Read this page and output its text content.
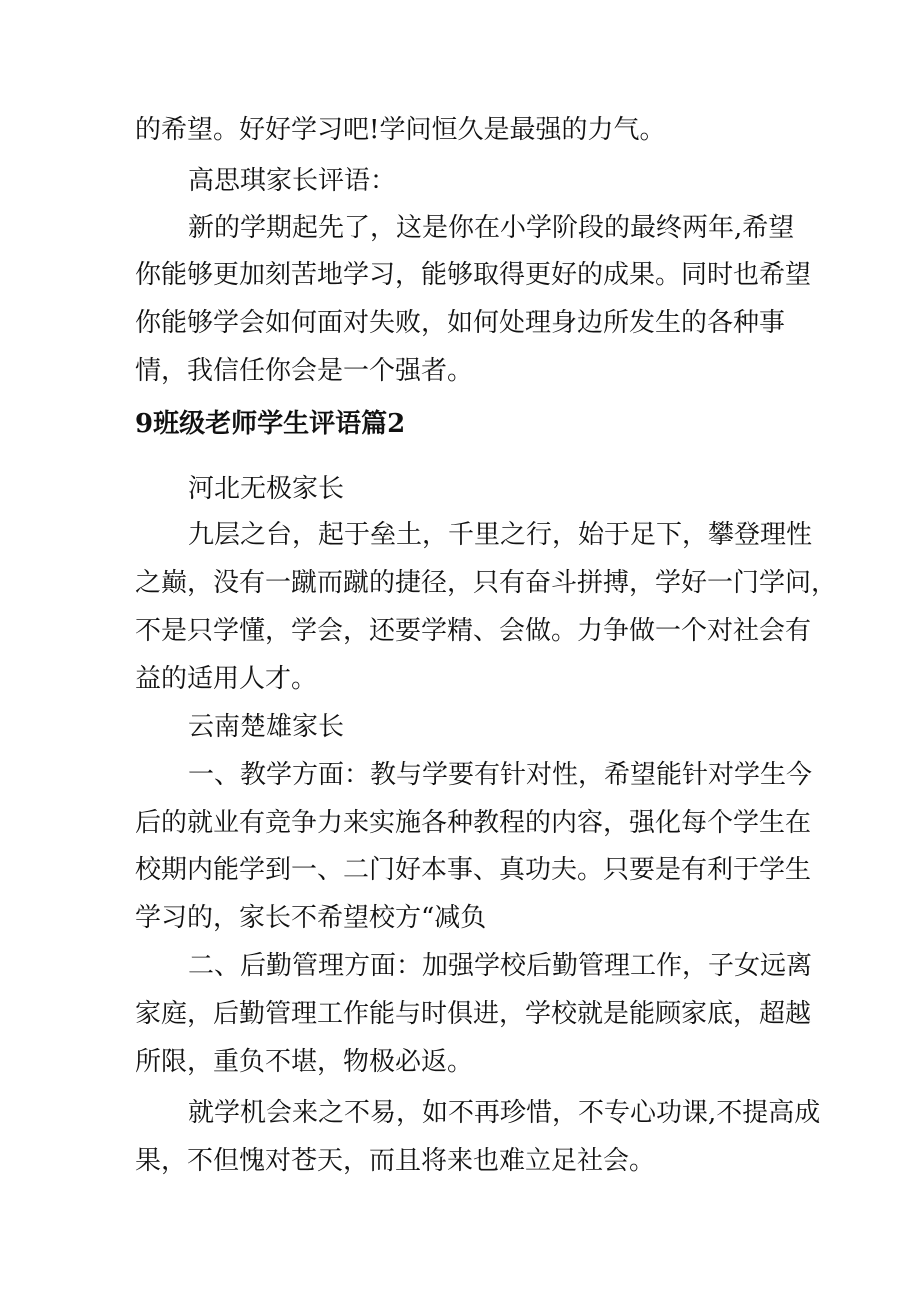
的希望。好好学习吧!学问恒久是最强的力气。

高思琪家长评语：

新的学期起先了，这是你在小学阶段的最终两年,希望

你能够更加刻苦地学习，能够取得更好的成果。同时也希望

你能够学会如何面对失败，如何处理身边所发生的各种事

情，我信任你会是一个强者。

9班级老师学生评语篇2

河北无极家长

九层之台，起于垒土，千里之行，始于足下，攀登理性

之巅，没有一蹴而蹴的捷径，只有奋斗拼搏，学好一门学问，

不是只学懂，学会，还要学精、会做。力争做一个对社会有

益的适用人才。

云南楚雄家长

一、教学方面：教与学要有针对性，希望能针对学生今

后的就业有竞争力来实施各种教程的内容，强化每个学生在

校期内能学到一、二门好本事、真功夫。只要是有利于学生

学习的，家长不希望校方“减负

二、后勤管理方面：加强学校后勤管理工作，子女远离

家庭，后勤管理工作能与时俱进，学校就是能顾家底，超越

所限，重负不堪，物极必返。

就学机会来之不易，如不再珍惜，不专心功课,不提高成

果，不但愧对苍天，而且将来也难立足社会。
